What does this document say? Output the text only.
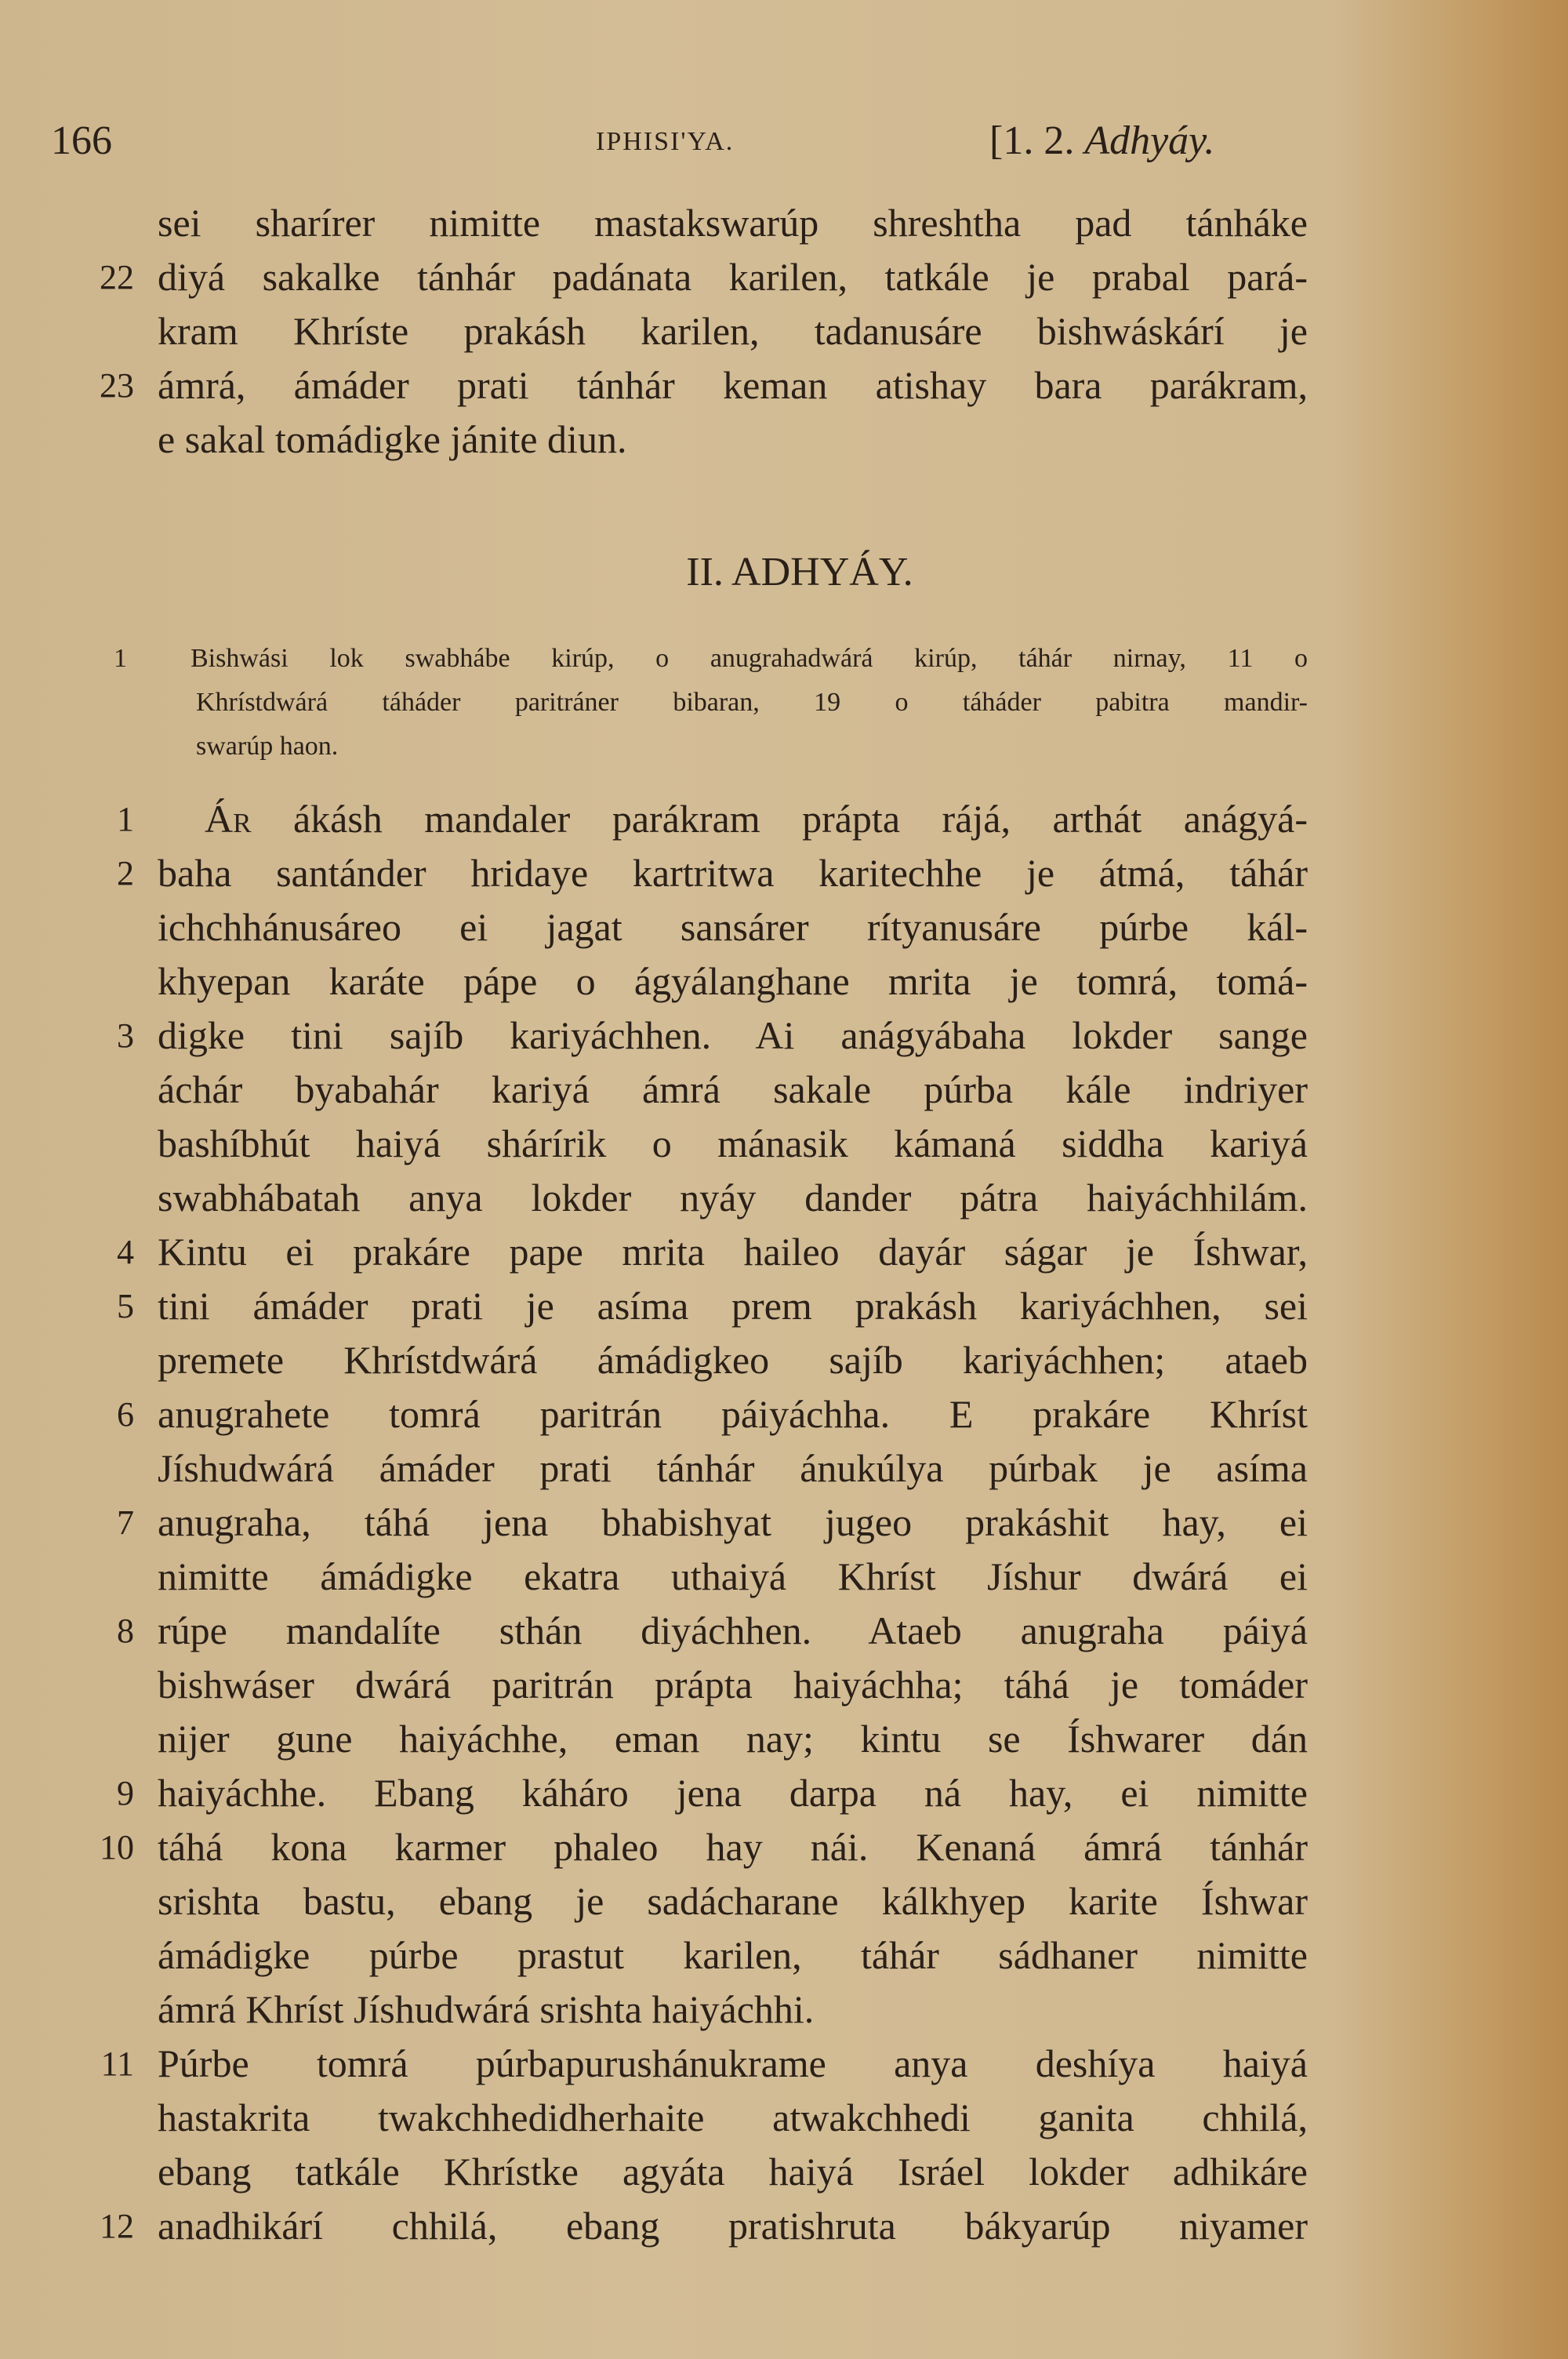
166	IPHISI'YA.	[1. 2. Adhyáy.
sei sharírer nimitte mastakswarúp shreshtha pad tánháke
22 diyá sakalke tánhár padánata karilen, tatkále je prabal pará-
kram Khríste prakásh karilen, tadanusáre bishwáskárí je
23 ámrá, ámáder prati tánhár keman atishay bara parákram,
e sakal tomádigke jánite diun.
II. ADHYÁY.
1 Bishwási lok swabhábe kirúp, o anugrahadwárá kirúp, táhár nirnay, 11 o
Khrístdwárá táháder paritráner bibaran, 19 o táháder pabitra mandir-
swarúp haon.
1	Ár ákásh mandaler parákram prápta rájá, arthát anágyá-
2 baha santánder hridaye kartritwa karitechhe je átmá, táhár
ichchhánusáreo ei jagat sansárer rítyanusáre púrbe kál-
khyepan karáte pápe o ágyálanghane mrita je tomrá, tomá-
3 digke tini sajíb kariyáchhen. Ai anágyábaha lokder sange
áchár byabahár kariyá ámrá sakale púrba kále indriyer
bashíbhút haiyá shárírik o mánasik kámaná siddha kariyá
swabhábatah anya lokder nyáy dander pátra haiyáchhilám.
4 Kintu ei prakáre pape mrita haileo dayár ságar je Íshwar,
5 tini ámáder prati je asíma prem prakásh kariyáchhen, sei
premete Khrístdwárá ámádigkeo sajíb kariyáchhen; ataeb
6 anugrahete tomrá paritrán páiyáchha. E prakáre Khríst
Jíshudwárá ámáder prati tánhár ánukúlya púrbak je asíma
7 anugraha, táhá jena bhabishyat jugeo prakáshit hay, ei
nimitte ámádigke ekatra uthaiyá Khríst Jíshur dwárá ei
8 rúpe mandalíte sthán diyáchhen. Ataeb anugraha páiyá
bishwáser dwárá paritrán prápta haiyáchha; táhá je tomáder
nijer gune haiyáchhe, eman nay; kintu se Íshwarer dán
9 haiyáchhe. Ebang káháro jena darpa ná hay, ei nimitte
10 táhá kona karmer phaleo hay nái. Kenaná ámrá tánhár
srishta bastu, ebang je sadácharane kálkhyep karite Íshwar
ámádigke púrbe prastut karilen, táhár sádhaner nimitte
ámrá Khríst Jíshudwárá srishta haiyáchhi.
11 Púrbe tomrá púrbapurushánukrame anya deshíya haiyá
hastakrita twakchhedidherhaite atwakchhedi ganita chhilá,
ebang tatkále Khrístke agyáta haiyá Isráel lokder adhikáre
12 anadhikárí chhilá, ebang pratishruta bákyarúp niyamer
